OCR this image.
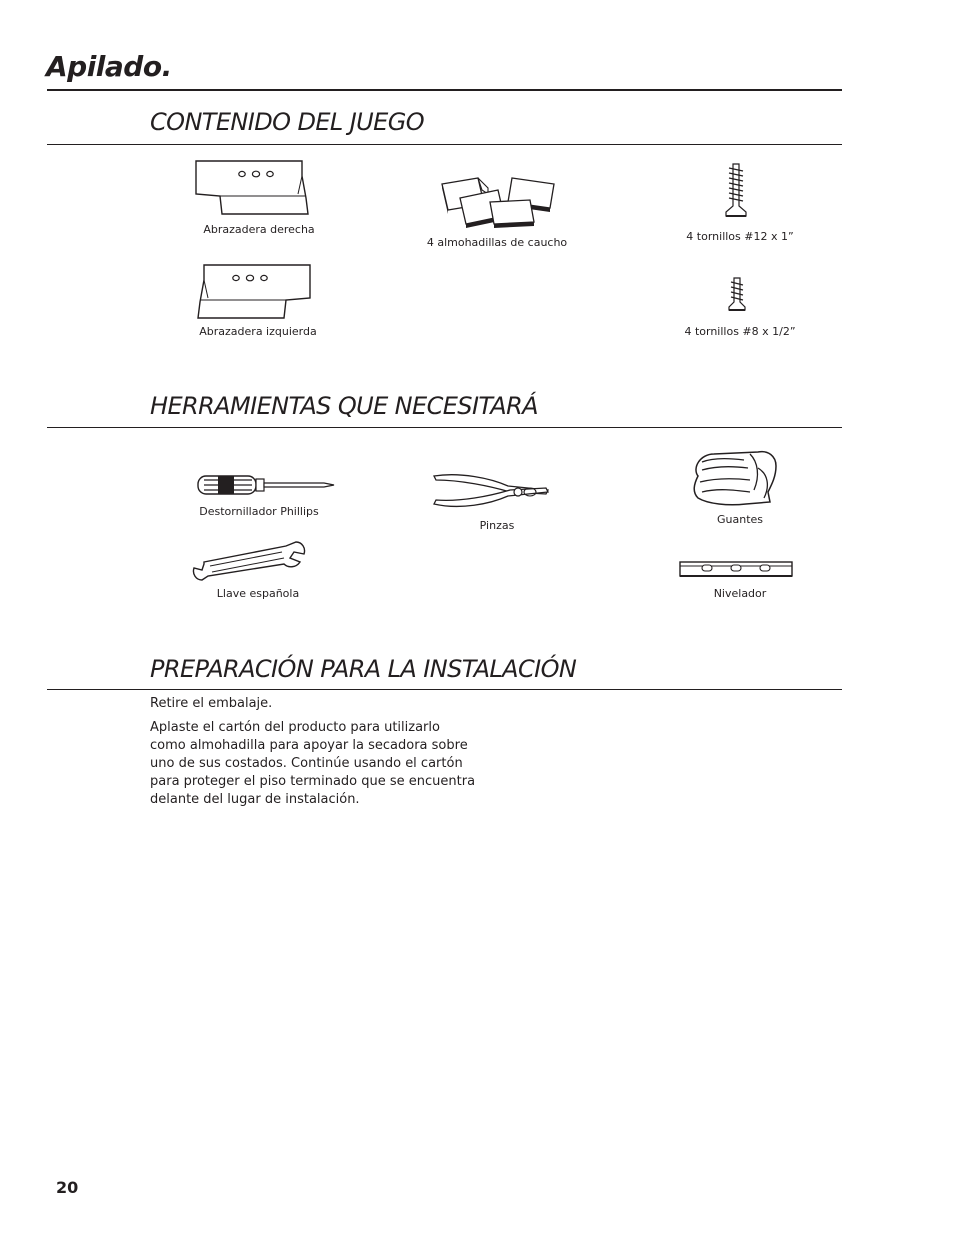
Apilado.
CONTENIDO DEL JUEGO
Abrazadera derecha
4 almohadillas de caucho	4 tornillos #12 x 1”
Abrazadera izquierda	4 tornillos #8 x 1/2”
HERRAMIENTAS QUE NECESITARÁ
Destornillador Phillips
Pinzas	Guantes
Llave española	Nivelador
PREPARACIÓN PARA LA INSTALACIÓN

Retire el embalaje.

Aplaste el cartón del producto para utilizarlo
como almohadilla para apoyar la secadora sobre
uno de sus costados. Continúe usando el cartón
para proteger el piso terminado que se encuentra
delante del lugar de instalación.
20
